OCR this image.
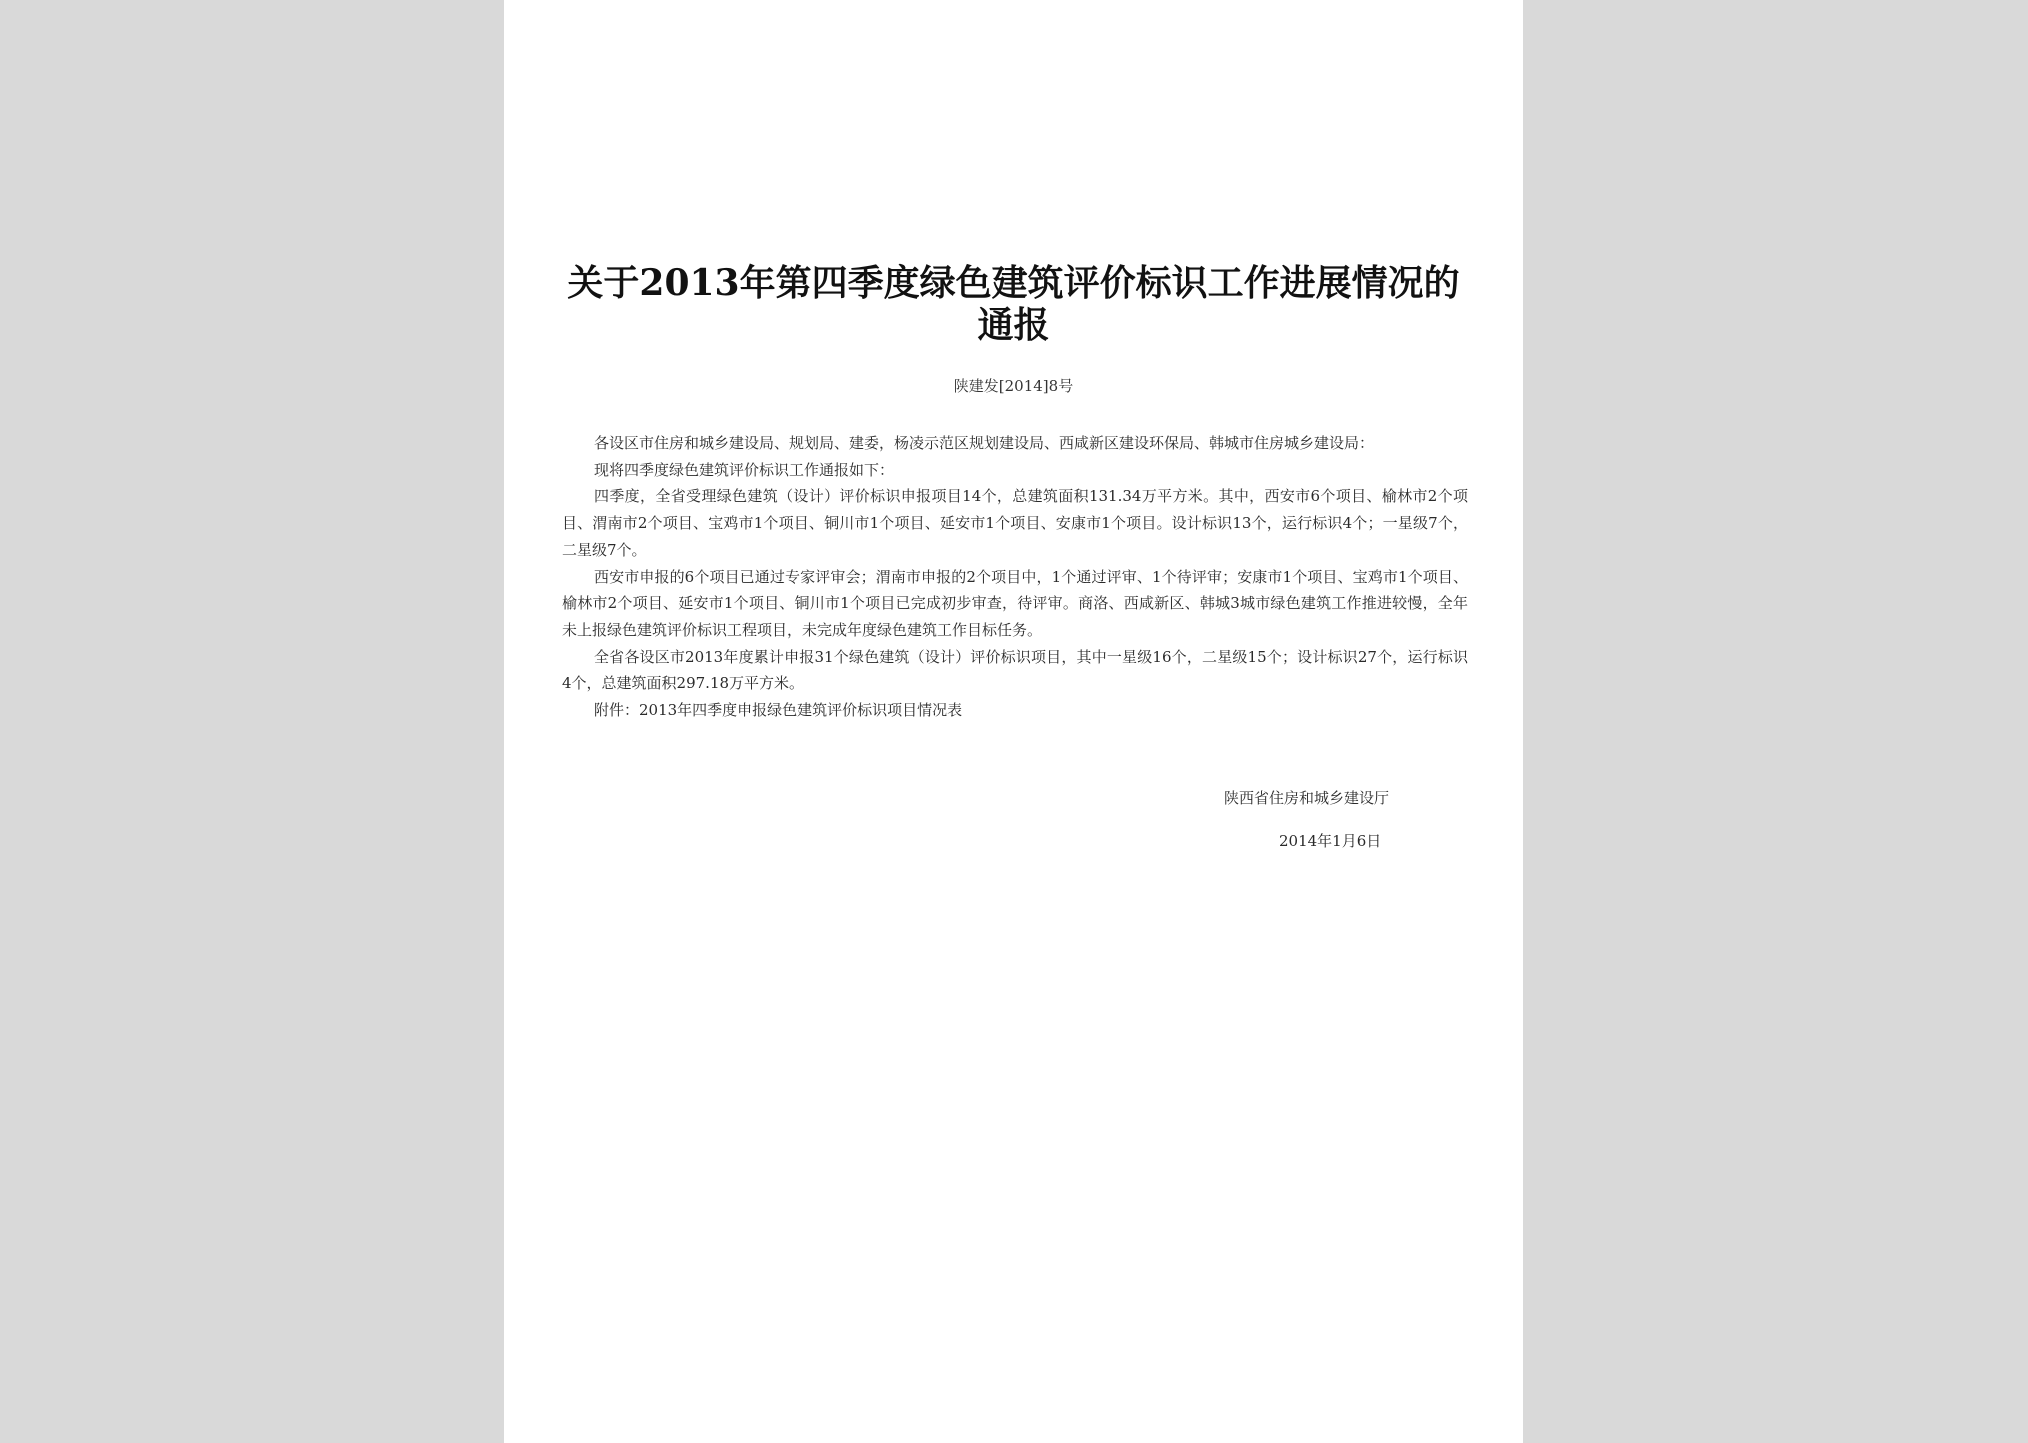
关于2013年第四季度绿色建筑评价标识工作进展情况的
通报
陕建发[2014]8号

各设区市住房和城乡建设局、规划局、建委，杨凌示范区规划建设局、西咸新区建设环保局、韩城市住房城乡建设局：

现将四季度绿色建筑评价标识工作通报如下：

四季度，全省受理绿色建筑（设计）评价标识申报项目14个，总建筑面积131.34万平方米。其中，西安市6个项目、榆林市2个项目、渭南市2个项目、宝鸡市1个项目、铜川市1个项目、延安市1个项目、安康市1个项目。设计标识13个，运行标识4个；一星级7个，二星级7个。

西安市申报的6个项目已通过专家评审会；渭南市申报的2个项目中，1个通过评审、1个待评审；安康市1个项目、宝鸡市1个项目、榆林市2个项目、延安市1个项目、铜川市1个项目已完成初步审查，待评审。商洛、西咸新区、韩城3城市绿色建筑工作推进较慢，全年未上报绿色建筑评价标识工程项目，未完成年度绿色建筑工作目标任务。

全省各设区市2013年度累计申报31个绿色建筑（设计）评价标识项目，其中一星级16个，二星级15个；设计标识27个，运行标识4个，总建筑面积297.18万平方米。

附件：2013年四季度申报绿色建筑评价标识项目情况表

陕西省住房和城乡建设厅
2014年1月6日
